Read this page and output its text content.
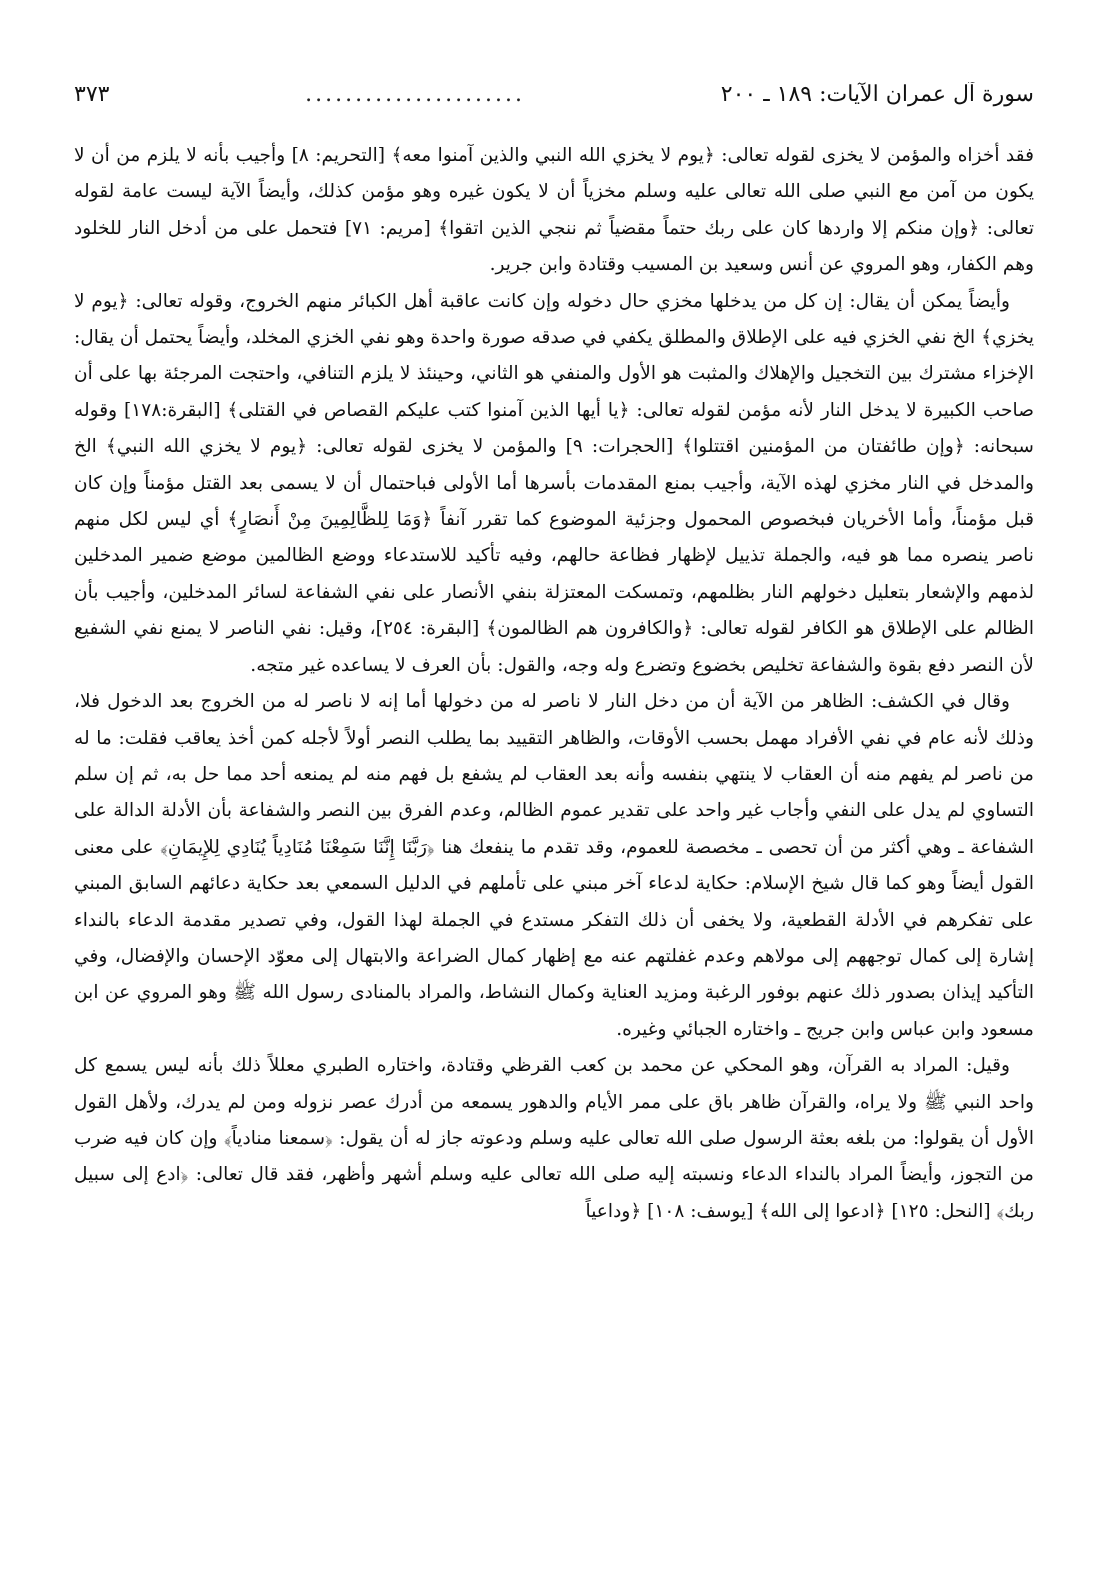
سورة آل عمران الآيات: ١٨٩ ـ ٢٠٠
......................
٣٧٣

فقد أخزاه والمؤمن لا يخزى لقوله تعالى: ﴿يوم لا يخزي الله النبي والذين آمنوا معه﴾ [التحريم: ٨] وأجيب بأنه لا يلزم من أن لا يكون من آمن مع النبي صلى الله تعالى عليه وسلم مخزياً أن لا يكون غيره وهو مؤمن كذلك، وأيضاً الآية ليست عامة لقوله تعالى: ﴿وإن منكم إلا واردها كان على ربك حتماً مقضياً ثم ننجي الذين اتقوا﴾ [مريم: ٧١] فتحمل على من أدخل النار للخلود وهم الكفار، وهو المروي عن أنس وسعيد بن المسيب وقتادة وابن جرير.

وأيضاً يمكن أن يقال: إن كل من يدخلها مخزي حال دخوله وإن كانت عاقبة أهل الكبائر منهم الخروج، وقوله تعالى: ﴿يوم لا يخزي﴾ الخ نفي الخزي فيه على الإطلاق والمطلق يكفي في صدقه صورة واحدة وهو نفي الخزي المخلد، وأيضاً يحتمل أن يقال: الإخزاء مشترك بين التخجيل والإهلاك والمثبت هو الأول والمنفي هو الثاني، وحينئذ لا يلزم التنافي، واحتجت المرجئة بها على أن صاحب الكبيرة لا يدخل النار لأنه مؤمن لقوله تعالى: ﴿يا أيها الذين آمنوا كتب عليكم القصاص في القتلى﴾ [البقرة:١٧٨] وقوله سبحانه: ﴿وإن طائفتان من المؤمنين اقتتلوا﴾ [الحجرات: ٩] والمؤمن لا يخزى لقوله تعالى: ﴿يوم لا يخزي الله النبي﴾ الخ والمدخل في النار مخزي لهذه الآية، وأجيب بمنع المقدمات بأسرها أما الأولى فباحتمال أن لا يسمى بعد القتل مؤمناً وإن كان قبل مؤمناً، وأما الأخريان فبخصوص المحمول وجزئية الموضوع كما تقرر آنفاً ﴿وَمَا لِلظَّالِمِينَ مِنْ أَنصَارٍ﴾ أي ليس لكل منهم ناصر ينصره مما هو فيه، والجملة تذييل لإظهار فظاعة حالهم، وفيه تأكيد للاستدعاء ووضع الظالمين موضع ضمير المدخلين لذمهم والإشعار بتعليل دخولهم النار بظلمهم، وتمسكت المعتزلة بنفي الأنصار على نفي الشفاعة لسائر المدخلين، وأجيب بأن الظالم على الإطلاق هو الكافر لقوله تعالى: ﴿والكافرون هم الظالمون﴾ [البقرة: ٢٥٤]، وقيل: نفي الناصر لا يمنع نفي الشفيع لأن النصر دفع بقوة والشفاعة تخليص بخضوع وتضرع وله وجه، والقول: بأن العرف لا يساعده غير متجه.

وقال في الكشف: الظاهر من الآية أن من دخل النار لا ناصر له من دخولها أما إنه لا ناصر له من الخروج بعد الدخول فلا، وذلك لأنه عام في نفي الأفراد مهمل بحسب الأوقات، والظاهر التقييد بما يطلب النصر أولاً لأجله كمن أخذ يعاقب فقلت: ما له من ناصر لم يفهم منه أن العقاب لا ينتهي بنفسه وأنه بعد العقاب لم يشفع بل فهم منه لم يمنعه أحد مما حل به، ثم إن سلم التساوي لم يدل على النفي وأجاب غير واحد على تقدير عموم الظالم، وعدم الفرق بين النصر والشفاعة بأن الأدلة الدالة على الشفاعة ـ وهي أكثر من أن تحصى ـ مخصصة للعموم، وقد تقدم ما ينفعك هنا ﴿رَبَّنَا إِنَّنَا سَمِعْنَا مُنَادِياً يُنَادِي لِلإِيمَانِ﴾ على معنى القول أيضاً وهو كما قال شيخ الإسلام: حكاية لدعاء آخر مبني على تأملهم في الدليل السمعي بعد حكاية دعائهم السابق المبني على تفكرهم في الأدلة القطعية، ولا يخفى أن ذلك التفكر مستدع في الجملة لهذا القول، وفي تصدير مقدمة الدعاء بالنداء إشارة إلى كمال توجههم إلى مولاهم وعدم غفلتهم عنه مع إظهار كمال الضراعة والابتهال إلى معوّد الإحسان والإفضال، وفي التأكيد إيذان بصدور ذلك عنهم بوفور الرغبة ومزيد العناية وكمال النشاط، والمراد بالمنادى رسول الله ﷺ وهو المروي عن ابن مسعود وابن عباس وابن جريج ـ واختاره الجبائي وغيره.

وقيل: المراد به القرآن، وهو المحكي عن محمد بن كعب القرظي وقتادة، واختاره الطبري معللاً ذلك بأنه ليس يسمع كل واحد النبي ﷺ ولا يراه، والقرآن ظاهر باق على ممر الأيام والدهور يسمعه من أدرك عصر نزوله ومن لم يدرك، ولأهل القول الأول أن يقولوا: من بلغه بعثة الرسول صلى الله تعالى عليه وسلم ودعوته جاز له أن يقول: ﴿سمعنا منادياً﴾ وإن كان فيه ضرب من التجوز، وأيضاً المراد بالنداء الدعاء ونسبته إليه صلى الله تعالى عليه وسلم أشهر وأظهر، فقد قال تعالى: ﴿ادع إلى سبيل ربك﴾ [النحل: ١٢٥] ﴿ادعوا إلى الله﴾ [يوسف: ١٠٨] ﴿وداعياً
